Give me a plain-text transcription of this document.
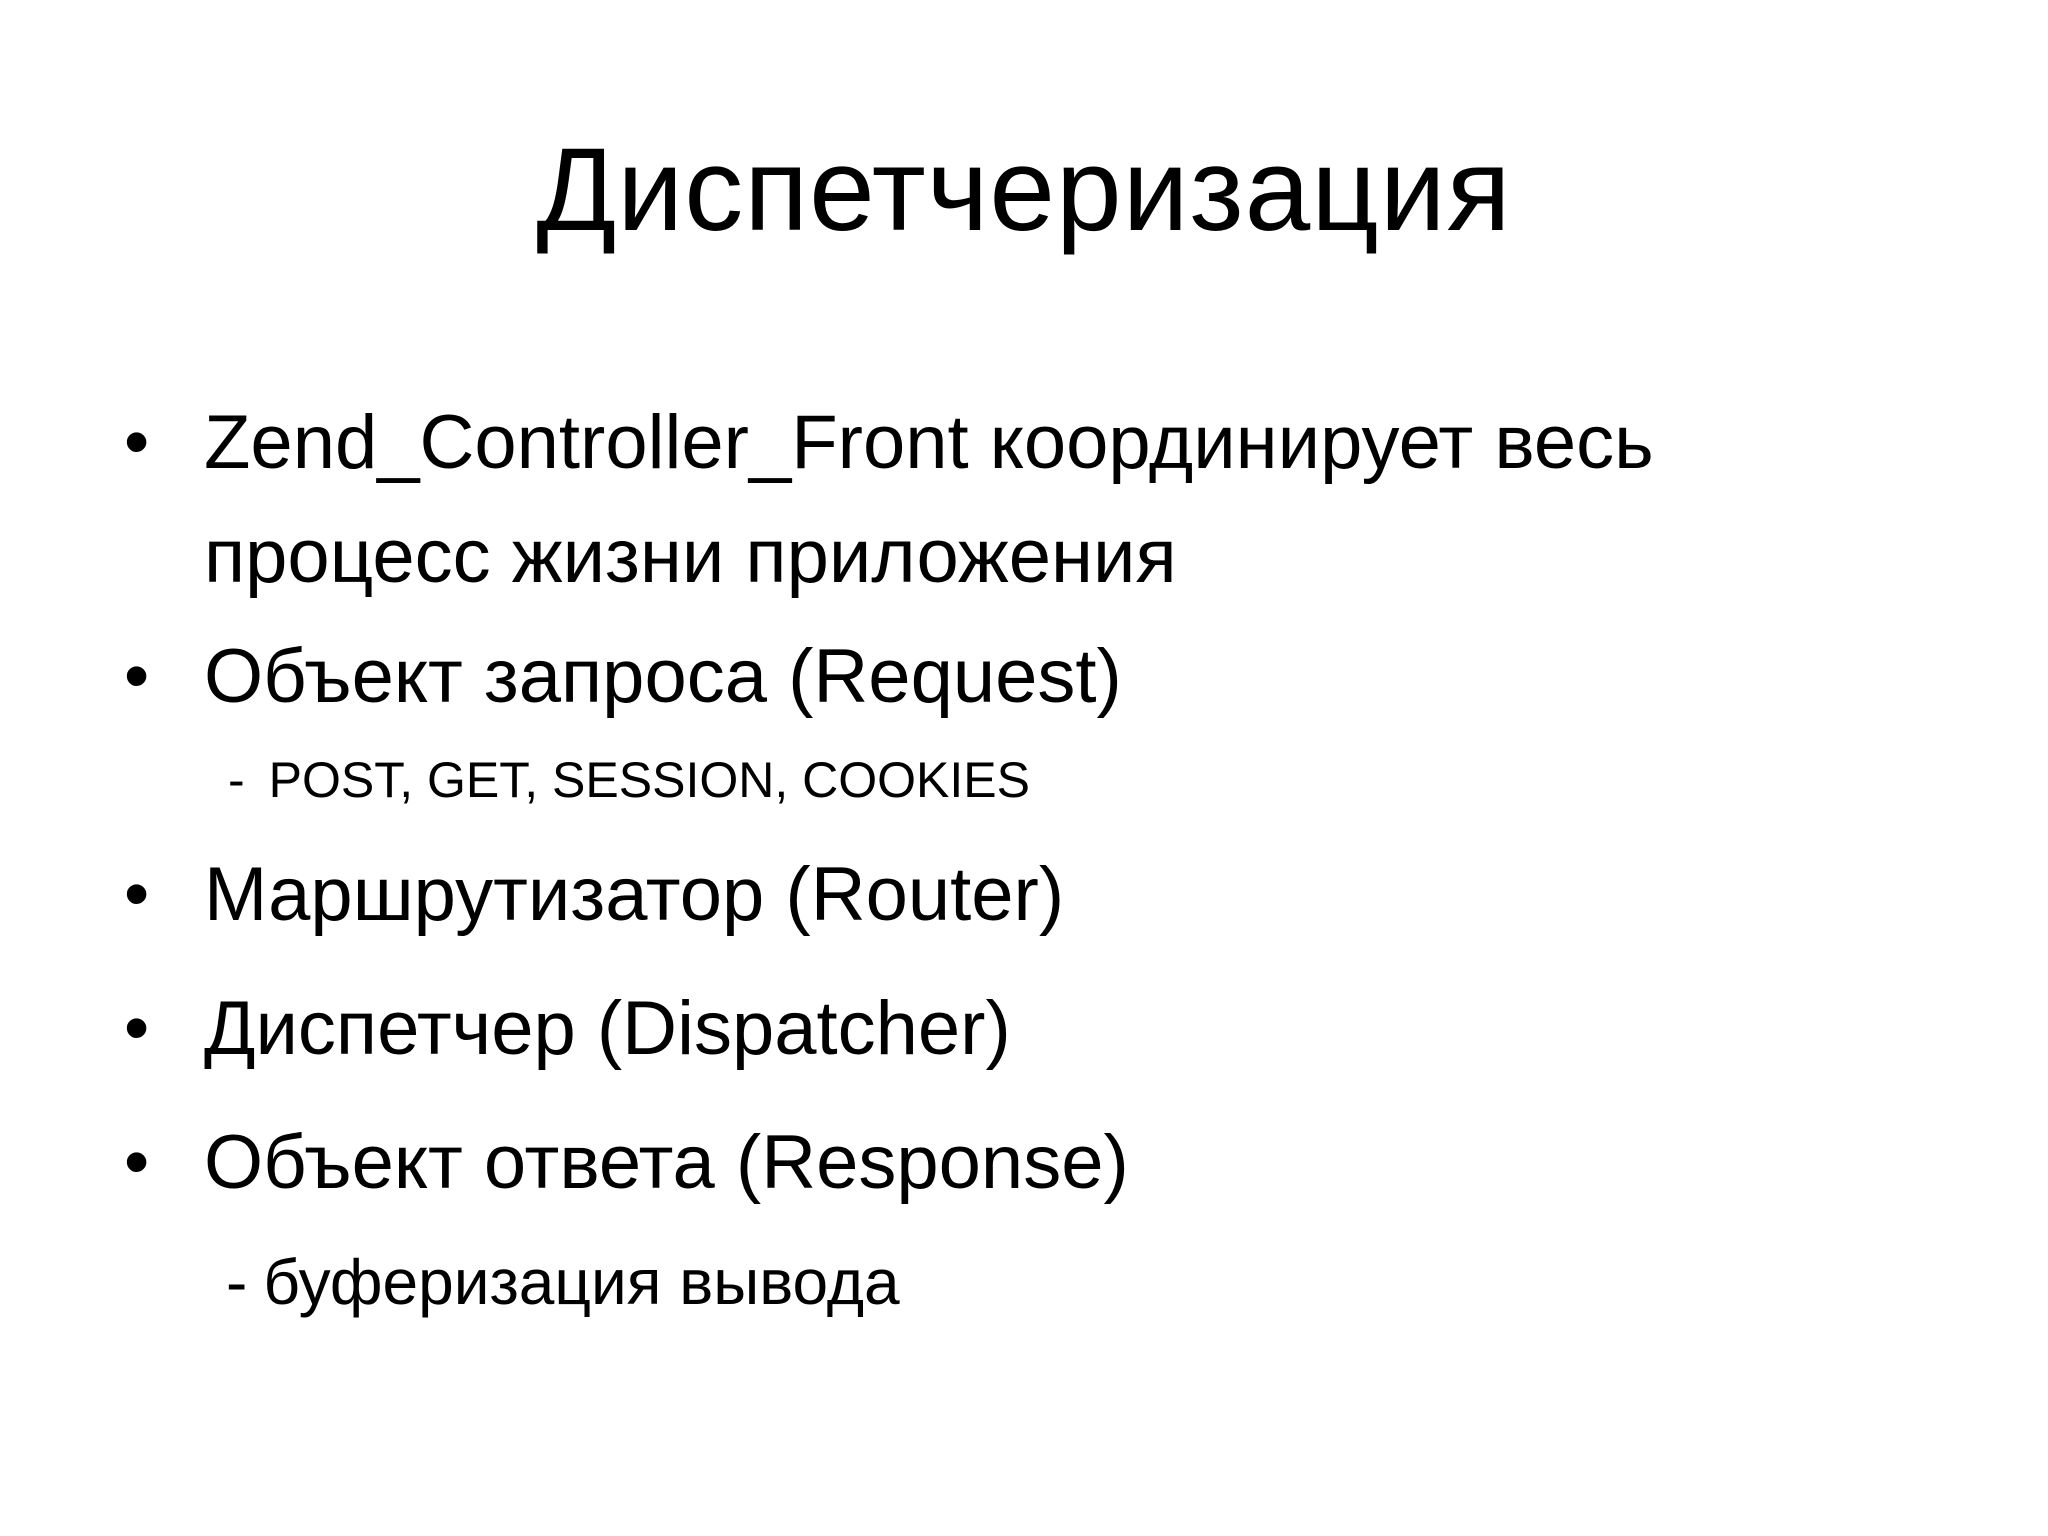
Диспетчеризация
• Zend_Controller_Front координирует весь
процесс жизни приложения
• Объект запроса (Request)
- POST, GET, SESSION, COOKIES
• Маршрутизатор (Router)
• Диспетчер (Dispatcher)
• Объект ответа (Response)
- буферизация вывода
